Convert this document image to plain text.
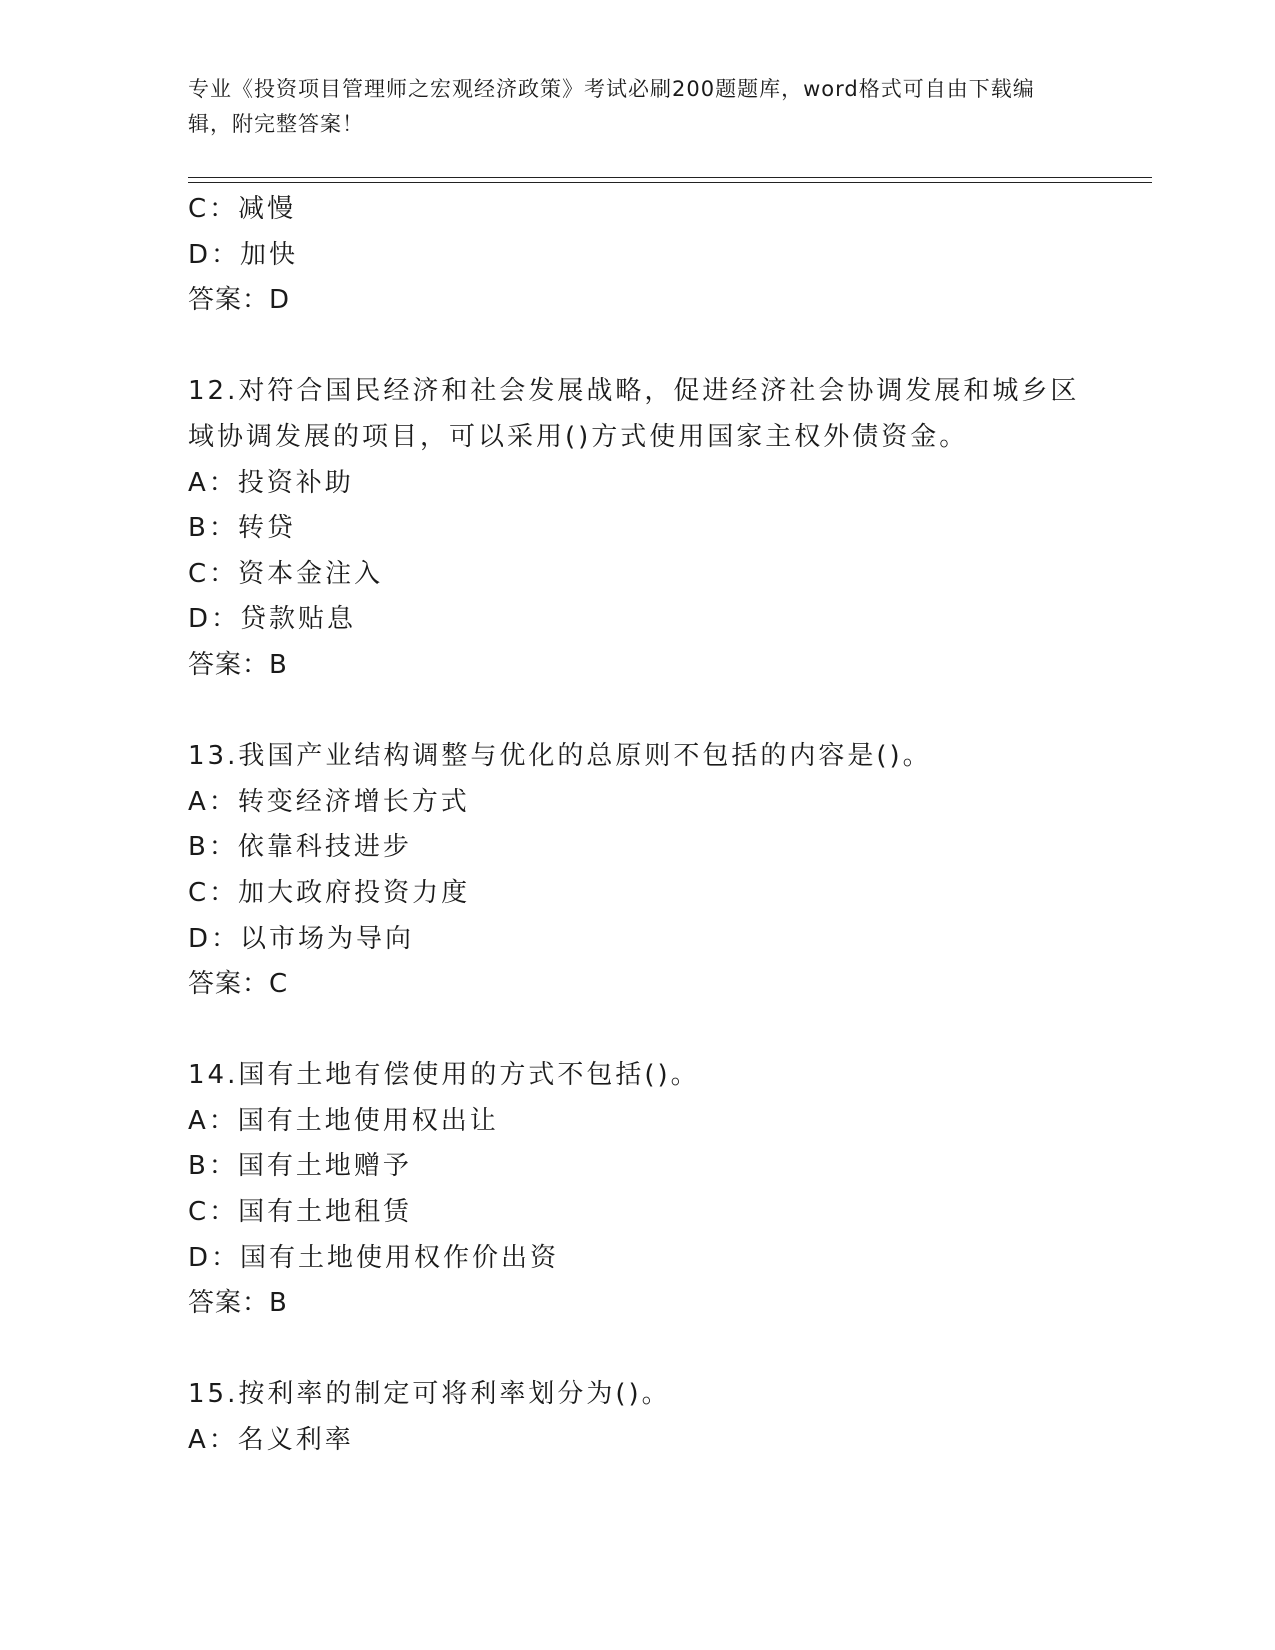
专业《投资项目管理师之宏观经济政策》考试必刷200题题库，word格式可自由下载编辑，附完整答案！
C：减慢
D：加快
答案：D
12.对符合国民经济和社会发展战略，促进经济社会协调发展和城乡区域协调发展的项目，可以采用()方式使用国家主权外债资金。
A：投资补助
B：转贷
C：资本金注入
D：贷款贴息
答案：B
13.我国产业结构调整与优化的总原则不包括的内容是()。
A：转变经济增长方式
B：依靠科技进步
C：加大政府投资力度
D：以市场为导向
答案：C
14.国有土地有偿使用的方式不包括()。
A：国有土地使用权出让
B：国有土地赠予
C：国有土地租赁
D：国有土地使用权作价出资
答案：B
15.按利率的制定可将利率划分为()。
A：名义利率
